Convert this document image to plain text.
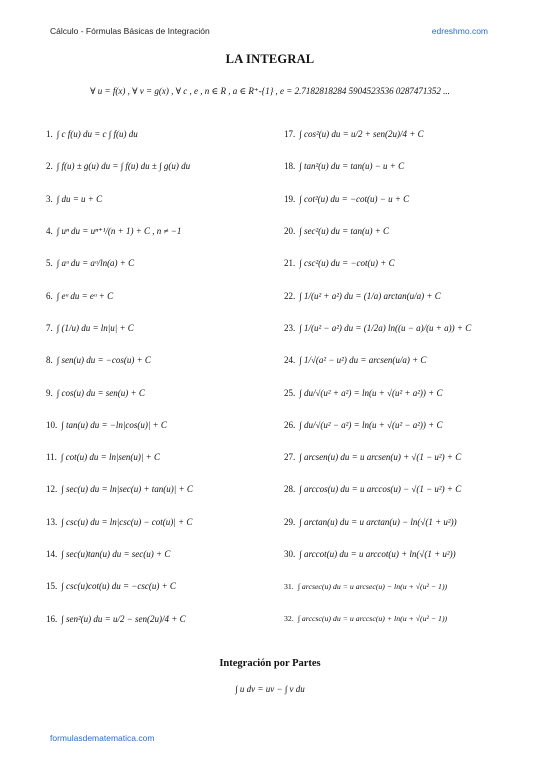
Cálculo - Fórmulas Básicas de Integración	edreshmo.com
LA INTEGRAL
∀ u = f(x) , ∀ v = g(x) , ∀ c , e , n ∈ R , a ∈ R⁺-{1} , e = 2.7182818284 5904523536 0287471352 ...
1. ∫ c f(u) du = c ∫ f(u) du
2. ∫ f(u) ± g(u) du = ∫ f(u) du ± ∫ g(u) du
3. ∫ du = u + C
4. ∫ uⁿ du = uⁿ⁺¹/(n + 1) + C , n ≠ −1
5. ∫ aᵘ du = aᵘ/ln(a) + C
6. ∫ eᵘ du = eᵘ + C
7. ∫ (1/u) du = ln|u| + C
8. ∫ sen(u) du = −cos(u) + C
9. ∫ cos(u) du = sen(u) + C
10. ∫ tan(u) du = −ln|cos(u)| + C
11. ∫ cot(u) du = ln|sen(u)| + C
12. ∫ sec(u) du = ln|sec(u) + tan(u)| + C
13. ∫ csc(u) du = ln|csc(u) − cot(u)| + C
14. ∫ sec(u)tan(u) du = sec(u) + C
15. ∫ csc(u)cot(u) du = −csc(u) + C
16. ∫ sen²(u) du = u/2 − sen(2u)/4 + C
17. ∫ cos²(u) du = u/2 + sen(2u)/4 + C
18. ∫ tan²(u) du = tan(u) − u + C
19. ∫ cot²(u) du = −cot(u) − u + C
20. ∫ sec²(u) du = tan(u) + C
21. ∫ csc²(u) du = −cot(u) + C
22. ∫ 1/(u² + a²) du = (1/a) arctan(u/a) + C
23. ∫ 1/(u² − a²) du = (1/2a) ln((u − a)/(u + a)) + C
24. ∫ 1/√(a² − u²) du = arcsen(u/a) + C
25. ∫ du/√(u² + a²) = ln(u + √(u² + a²)) + C
26. ∫ du/√(u² − a²) = ln(u + √(u² − a²)) + C
27. ∫ arcsen(u) du = u arcsen(u) + √(1 − u²) + C
28. ∫ arccos(u) du = u arccos(u) − √(1 − u²) + C
29. ∫ arctan(u) du = u arctan(u) − ln(√(1 + u²))
30. ∫ arccot(u) du = u arccot(u) + ln(√(1 + u²))
31. ∫ arcsec(u) du = u arcsec(u) − ln(u + √(u² − 1))
32. ∫ arccsc(u) du = u arccsc(u) + ln(u + √(u² − 1))
Integración por Partes
∫ u dv = uv − ∫ v du
formulasdematematica.com
